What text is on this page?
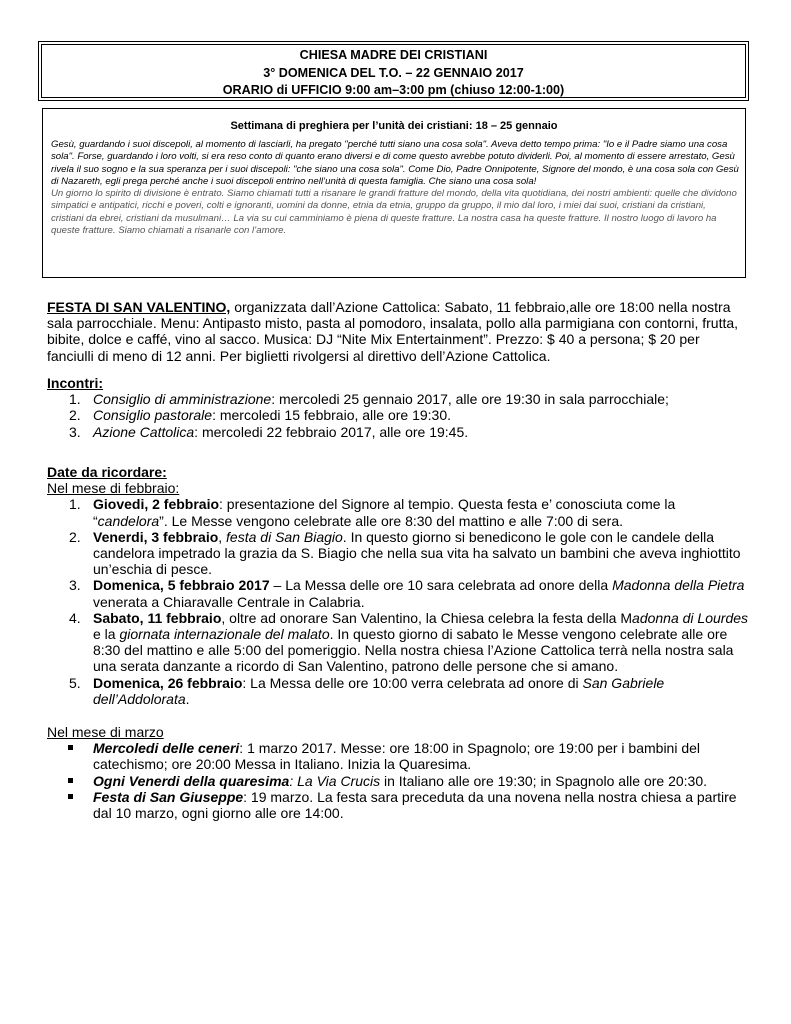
CHIESA MADRE DEI CRISTIANI
3° DOMENICA DEL T.O. – 22 GENNAIO 2017
ORARIO di UFFICIO 9:00 am–3:00 pm (chiuso 12:00-1:00)
Settimana di preghiera per l’unità dei cristiani: 18 – 25 gennaio
Gesù, guardando i suoi discepoli, al momento di lasciarli, ha pregato "perché tutti siano una cosa sola". Aveva detto tempo prima: "Io e il Padre siamo una cosa sola". Forse, guardando i loro volti, si era reso conto di quanto erano diversi e di come questo avrebbe potuto dividerli. Poi, al momento di essere arrestato, Gesù rivela il suo sogno e la sua speranza per i suoi discepoli: "che siano una cosa sola". Come Dio, Padre Onnipotente, Signore del mondo, è una cosa sola con Gesù di Nazareth, egli prega perché anche i suoi discepoli entrino nell’unità di questa famiglia. Che siano una cosa sola!
Un giorno lo spirito di divisione è entrato. Siamo chiamati tutti a risanare le grandi fratture del mondo, della vita quotidiana, dei nostri ambienti: quelle che dividono simpatici e antipatici, ricchi e poveri, colti e ignoranti, uomini da donne, etnia da etnia, gruppo da gruppo, il mio dal loro, i miei dai suoi, cristiani da cristiani, cristiani da ebrei, cristiani da musulmani… La via su cui camminiamo è piena di queste fratture. La nostra casa ha queste fratture. Il nostro luogo di lavoro ha queste fratture. Siamo chiamati a risanarle con l’amore.
FESTA DI SAN VALENTINO, organizzata dall’Azione Cattolica: Sabato, 11 febbraio,alle ore 18:00 nella nostra sala parrocchiale. Menu: Antipasto misto, pasta al pomodoro, insalata, pollo alla parmigiana con contorni, frutta, bibite, dolce e caffé, vino al sacco. Musica: DJ “Nite Mix Entertainment”. Prezzo: $ 40 a persona; $ 20 per fanciulli di meno di 12 anni. Per biglietti rivolgersi al direttivo dell’Azione Cattolica.
Incontri:
1. Consiglio di amministrazione: mercoledi 25 gennaio 2017, alle ore 19:30 in sala parrocchiale;
2. Consiglio pastorale: mercoledi 15 febbraio, alle ore 19:30.
3. Azione Cattolica: mercoledi 22 febbraio 2017, alle ore 19:45.
Date da ricordare:
Nel mese di febbraio:
1. Giovedi, 2 febbraio: presentazione del Signore al tempio. Questa festa e’ conosciuta come la “candelora”. Le Messe vengono celebrate alle ore 8:30 del mattino e alle 7:00 di sera.
2. Venerdi, 3 febbraio, festa di San Biagio. In questo giorno si benedicono le gole con le candele della candelora impetrado la grazia da S. Biagio che nella sua vita ha salvato un bambini che aveva inghiottito un’eschia di pesce.
3. Domenica, 5 febbraio 2017 – La Messa delle ore 10 sara celebrata ad onore della Madonna della Pietra venerata a Chiaravalle Centrale in Calabria.
4. Sabato, 11 febbraio, oltre ad onorare San Valentino, la Chiesa celebra la festa della Madonna di Lourdes e la giornata internazionale del malato. In questo giorno di sabato le Messe vengono celebrate alle ore 8:30 del mattino e alle 5:00 del pomeriggio. Nella nostra chiesa l’Azione Cattolica terrà nella nostra sala una serata danzante a ricordo di San Valentino, patrono delle persone che si amano.
5. Domenica, 26 febbraio: La Messa delle ore 10:00 verra celebrata ad onore di San Gabriele dell’Addolorata.
Nel mese di marzo
Mercoledi delle ceneri: 1 marzo 2017. Messe: ore 18:00 in Spagnolo; ore 19:00 per i bambini del catechismo; ore 20:00 Messa in Italiano. Inizia la Quaresima.
Ogni Venerdi della quaresima: La Via Crucis in Italiano alle ore 19:30; in Spagnolo alle ore 20:30.
Festa di San Giuseppe: 19 marzo. La festa sara preceduta da una novena nella nostra chiesa a partire dal 10 marzo, ogni giorno alle ore 14:00.
